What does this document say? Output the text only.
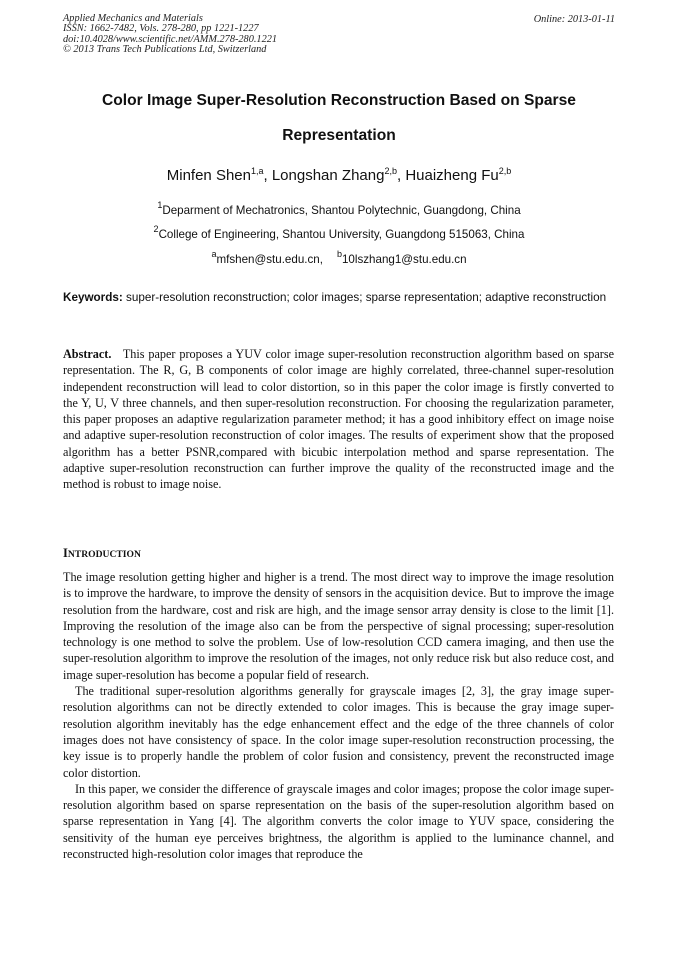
Applied Mechanics and Materials
ISSN: 1662-7482, Vols. 278-280, pp 1221-1227
doi:10.4028/www.scientific.net/AMM.278-280.1221
© 2013 Trans Tech Publications Ltd, Switzerland
Online: 2013-01-11
Color Image Super-Resolution Reconstruction Based on Sparse
Representation
Minfen Shen$^{1,a}$, Longshan Zhang$^{2,b}$, Huaizheng Fu$^{2,b}$
$^1$Deparment of Mechatronics, Shantou Polytechnic, Guangdong, China
$^2$College of Engineering, Shantou University, Guangdong 515063, China
$^a$mfshen@stu.edu.cn, $^b$10lszhang1@stu.edu.cn
Keywords: super-resolution reconstruction; color images; sparse representation; adaptive reconstruction
Abstract. This paper proposes a YUV color image super-resolution reconstruction algorithm based on sparse representation. The R, G, B components of color image are highly correlated, three-channel super-resolution independent reconstruction will lead to color distortion, so in this paper the color image is firstly converted to the Y, U, V three channels, and then super-resolution reconstruction. For choosing the regularization parameter, this paper proposes an adaptive regularization parameter method; it has a good inhibitory effect on image noise and adaptive super-resolution reconstruction of color images. The results of experiment show that the proposed algorithm has a better PSNR,compared with bicubic interpolation method and sparse representation. The adaptive super-resolution reconstruction can further improve the quality of the reconstructed image and the method is robust to image noise.
INTRODUCTION

The image resolution getting higher and higher is a trend. The most direct way to improve the image resolution is to improve the hardware, to improve the density of sensors in the acquisition device. But to improve the image resolution from the hardware, cost and risk are high, and the image sensor array density is close to the limit [1]. Improving the resolution of the image also can be from the perspective of signal processing; super-resolution technology is one method to solve the problem. Use of low-resolution CCD camera imaging, and then use the super-resolution algorithm to improve the resolution of the images, not only reduce risk but also reduce cost, and image super-resolution has become a popular field of research.

The traditional super-resolution algorithms generally for grayscale images [2, 3], the gray image super-resolution algorithms can not be directly extended to color images. This is because the gray image super-resolution algorithm inevitably has the edge enhancement effect and the edge of the three channels of color images does not have consistency of space. In the color image super-resolution reconstruction processing, the key issue is to properly handle the problem of color fusion and consistency, prevent the reconstructed image color distortion.

In this paper, we consider the difference of grayscale images and color images; propose the color image super-resolution algorithm based on sparse representation on the basis of the super-resolution algorithm based on sparse representation in Yang [4]. The algorithm converts the color image to YUV space, considering the sensitivity of the human eye perceives brightness, the algorithm is applied to the luminance channel, and reconstructed high-resolution color images that reproduce the
